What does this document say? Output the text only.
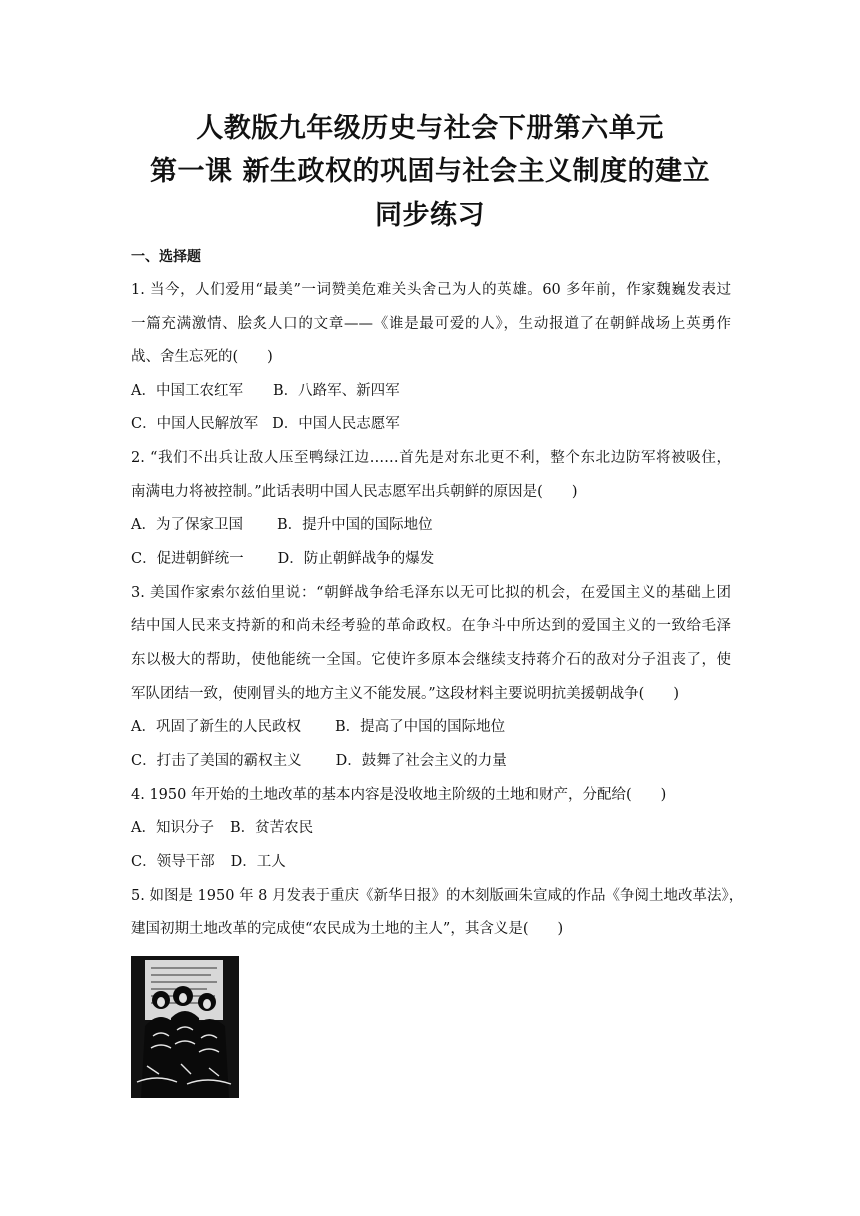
人教版九年级历史与社会下册第六单元
第一课 新生政权的巩固与社会主义制度的建立
同步练习
一、选择题
1. 当今，人们爱用“最美”一词赞美危难关头舍己为人的英雄。60 多年前，作家魏巍发表过
一篇充满激情、脍炙人口的文章——《谁是最可爱的人》，生动报道了在朝鲜战场上英勇作
战、舍生忘死的(　　)
A．中国工农红军 B．八路军、新四军
C．中国人民解放军 D．中国人民志愿军
2. “我们不出兵让敌人压至鸭绿江边……首先是对东北更不利，整个东北边防军将被吸住，
南满电力将被控制。”此话表明中国人民志愿军出兵朝鲜的原因是(　　)
A．为了保家卫国 B．提升中国的国际地位
C．促进朝鲜统一 D．防止朝鲜战争的爆发
3. 美国作家索尔兹伯里说：“朝鲜战争给毛泽东以无可比拟的机会，在爱国主义的基础上团
结中国人民来支持新的和尚未经考验的革命政权。在争斗中所达到的爱国主义的一致给毛泽
东以极大的帮助，使他能统一全国。它使许多原本会继续支持蒋介石的敌对分子沮丧了，使
军队团结一致，使刚冒头的地方主义不能发展。”这段材料主要说明抗美援朝战争(　　)
A．巩固了新生的人民政权 B．提高了中国的国际地位
C．打击了美国的霸权主义 D．鼓舞了社会主义的力量
4. 1950 年开始的土地改革的基本内容是没收地主阶级的土地和财产，分配给(　　)
A．知识分子 B．贫苦农民
C．领导干部 D．工人
5. 如图是 1950 年 8 月发表于重庆《新华日报》的木刻版画朱宣咸的作品《争阅土地改革法》，
建国初期土地改革的完成使“农民成为土地的主人”，其含义是(　　)
